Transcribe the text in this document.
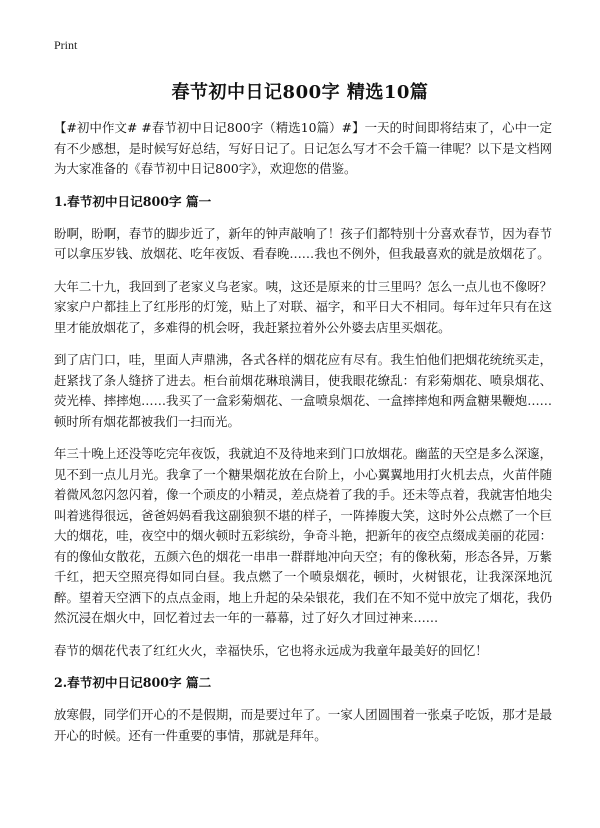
Print
春节初中日记800字 精选10篇

【#初中作文# #春节初中日记800字（精选10篇）#】一天的时间即将结束了，心中一定有不少感想，是时候写好总结，写好日记了。日记怎么写才不会千篇一律呢？以下是文档网为大家准备的《春节初中日记800字》，欢迎您的借鉴。

1.春节初中日记800字 篇一

盼啊，盼啊，春节的脚步近了，新年的钟声敲响了！孩子们都特别十分喜欢春节，因为春节可以拿压岁钱、放烟花、吃年夜饭、看春晚……我也不例外，但我最喜欢的就是放烟花了。

大年二十九，我回到了老家义乌老家。咦，这还是原来的廿三里吗？怎么一点儿也不像呀？家家户户都挂上了红彤彤的灯笼，贴上了对联、福字，和平日大不相同。每年过年只有在这里才能放烟花了，多难得的机会呀，我赶紧拉着外公外婆去店里买烟花。

到了店门口，哇，里面人声鼎沸，各式各样的烟花应有尽有。我生怕他们把烟花统统买走，赶紧找了条人缝挤了进去。柜台前烟花琳琅满目，使我眼花缭乱：有彩菊烟花、喷泉烟花、荧光棒、摔摔炮……我买了一盒彩菊烟花、一盒喷泉烟花、一盒摔摔炮和两盒糖果鞭炮……顿时所有烟花都被我们一扫而光。

年三十晚上还没等吃完年夜饭，我就迫不及待地来到门口放烟花。幽蓝的天空是多么深邃，见不到一点儿月光。我拿了一个糖果烟花放在台阶上，小心翼翼地用打火机去点，火苗伴随着微风忽闪忽闪着，像一个顽皮的小精灵，差点烧着了我的手。还未等点着，我就害怕地尖叫着逃得很远，爸爸妈妈看我这副狼狈不堪的样子，一阵捧腹大笑，这时外公点燃了一个巨大的烟花，哇，夜空中的烟火顿时五彩缤纷，争奇斗艳，把新年的夜空点缀成美丽的花园：有的像仙女散花，五颜六色的烟花一串串一群群地冲向天空；有的像秋菊，形态各异，万紫千红，把天空照亮得如同白昼。我点燃了一个喷泉烟花，顿时，火树银花，让我深深地沉醉。望着天空洒下的点点金雨，地上升起的朵朵银花，我们在不知不觉中放完了烟花，我仍然沉浸在烟火中，回忆着过去一年的一幕幕，过了好久才回过神来……

春节的烟花代表了红红火火，幸福快乐，它也将永远成为我童年最美好的回忆！

2.春节初中日记800字 篇二

放寒假，同学们开心的不是假期，而是要过年了。一家人团圆围着一张桌子吃饭，那才是最开心的时候。还有一件重要的事情，那就是拜年。
